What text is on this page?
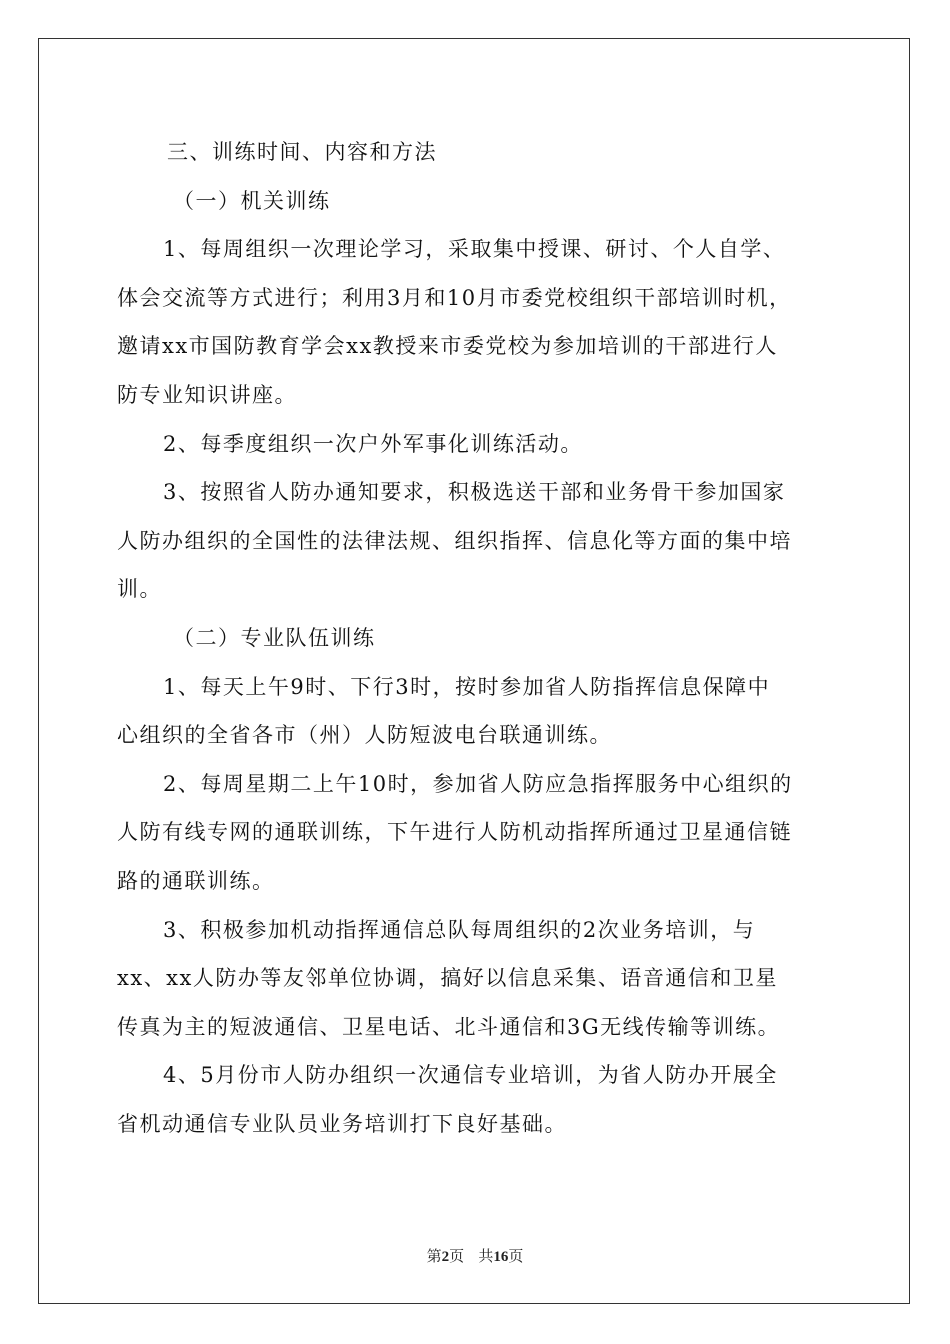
三、训练时间、内容和方法
（一）机关训练
1、每周组织一次理论学习，采取集中授课、研讨、个人自学、
体会交流等方式进行；利用3月和10月市委党校组织干部培训时机，
邀请xx市国防教育学会xx教授来市委党校为参加培训的干部进行人
防专业知识讲座。
2、每季度组织一次户外军事化训练活动。
3、按照省人防办通知要求，积极选送干部和业务骨干参加国家
人防办组织的全国性的法律法规、组织指挥、信息化等方面的集中培
训。
（二）专业队伍训练
1、每天上午9时、下行3时，按时参加省人防指挥信息保障中
心组织的全省各市（州）人防短波电台联通训练。
2、每周星期二上午10时，参加省人防应急指挥服务中心组织的
人防有线专网的通联训练，下午进行人防机动指挥所通过卫星通信链
路的通联训练。
3、积极参加机动指挥通信总队每周组织的2次业务培训，与
xx、xx人防办等友邻单位协调，搞好以信息采集、语音通信和卫星
传真为主的短波通信、卫星电话、北斗通信和3G无线传输等训练。
4、5月份市人防办组织一次通信专业培训，为省人防办开展全
省机动通信专业队员业务培训打下良好基础。
第2页 共16页
